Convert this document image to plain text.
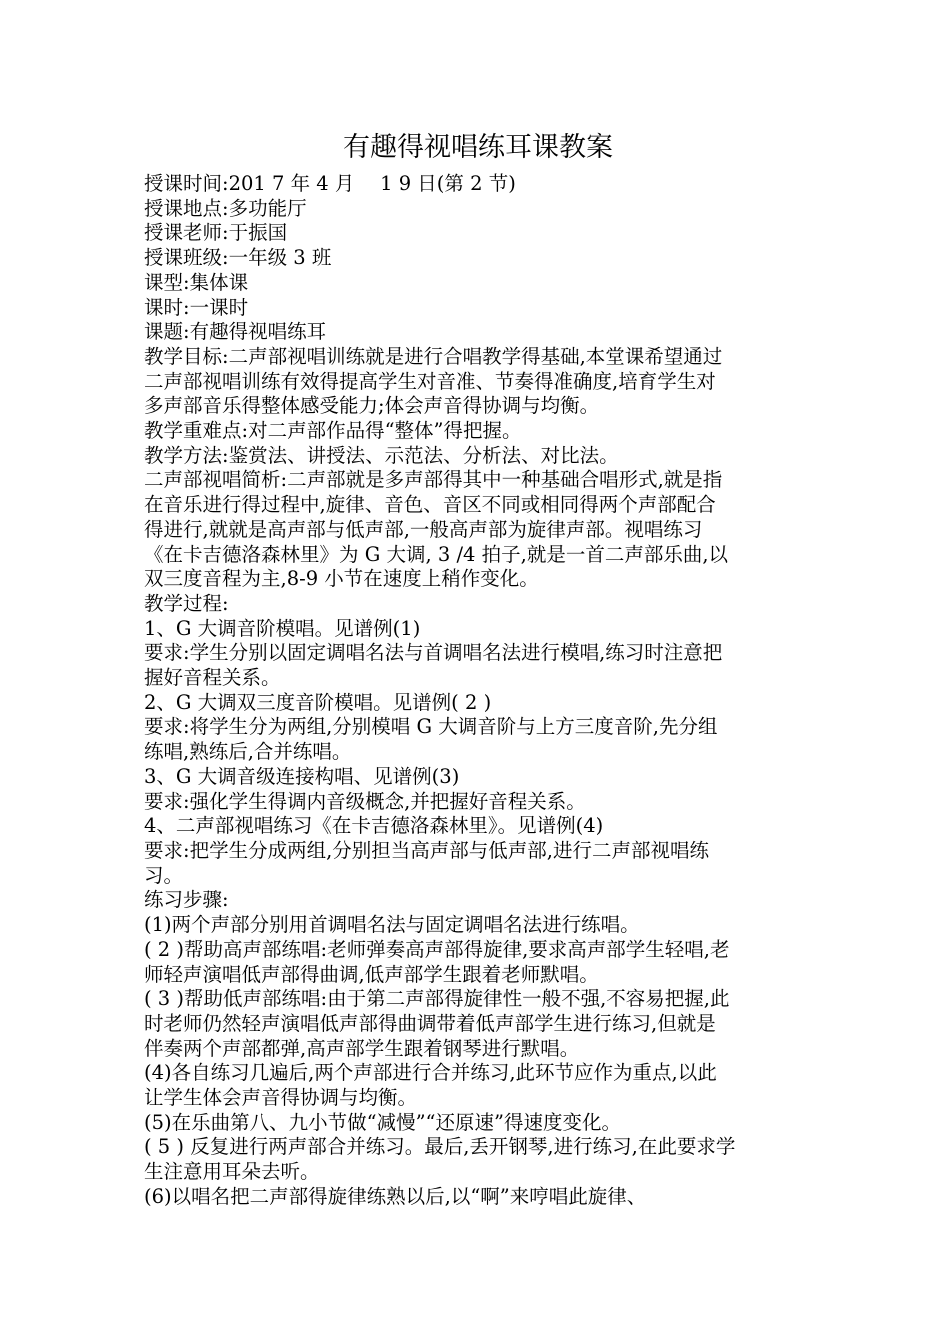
有趣得视唱练耳课教案

授课时间:201 7 年 4 月　 1 9 日(第 2 节)

授课地点:多功能厅

授课老师:于振国

授课班级:一年级 3 班

课型:集体课

课时:一课时

课题:有趣得视唱练耳

教学目标:二声部视唱训练就是进行合唱教学得基础,本堂课希望通过

二声部视唱训练有效得提高学生对音准、节奏得准确度,培育学生对

多声部音乐得整体感受能力;体会声音得协调与均衡。

教学重难点:对二声部作品得“整体”得把握。

教学方法:鉴赏法、讲授法、示范法、分析法、对比法。

二声部视唱简析:二声部就是多声部得其中一种基础合唱形式,就是指

在音乐进行得过程中,旋律、音色、音区不同或相同得两个声部配合

得进行,就就是高声部与低声部,一般高声部为旋律声部。视唱练习

《在卡吉德洛森林里》为 G 大调, 3 /4 拍子,就是一首二声部乐曲,以

双三度音程为主,8-9 小节在速度上稍作变化。

教学过程:

1、G 大调音阶模唱。见谱例(1)

要求:学生分别以固定调唱名法与首调唱名法进行模唱,练习时注意把

握好音程关系。

2、G 大调双三度音阶模唱。见谱例( 2 )

要求:将学生分为两组,分别模唱 G 大调音阶与上方三度音阶,先分组

练唱,熟练后,合并练唱。

3、G 大调音级连接构唱、见谱例(3)

要求:强化学生得调内音级概念,并把握好音程关系。

4、二声部视唱练习《在卡吉德洛森林里》。见谱例(4)

要求:把学生分成两组,分别担当高声部与低声部,进行二声部视唱练

习。

练习步骤:

(1)两个声部分别用首调唱名法与固定调唱名法进行练唱。

( 2 )帮助高声部练唱:老师弹奏高声部得旋律,要求高声部学生轻唱,老

师轻声演唱低声部得曲调,低声部学生跟着老师默唱。

( 3 )帮助低声部练唱:由于第二声部得旋律性一般不强,不容易把握,此

时老师仍然轻声演唱低声部得曲调带着低声部学生进行练习,但就是

伴奏两个声部都弹,高声部学生跟着钢琴进行默唱。

(4)各自练习几遍后,两个声部进行合并练习,此环节应作为重点,以此

让学生体会声音得协调与均衡。

(5)在乐曲第八、九小节做“减慢”“还原速”得速度变化。

( 5 ) 反复进行两声部合并练习。最后,丢开钢琴,进行练习,在此要求学

生注意用耳朵去听。

(6)以唱名把二声部得旋律练熟以后,以“啊”来哼唱此旋律、
